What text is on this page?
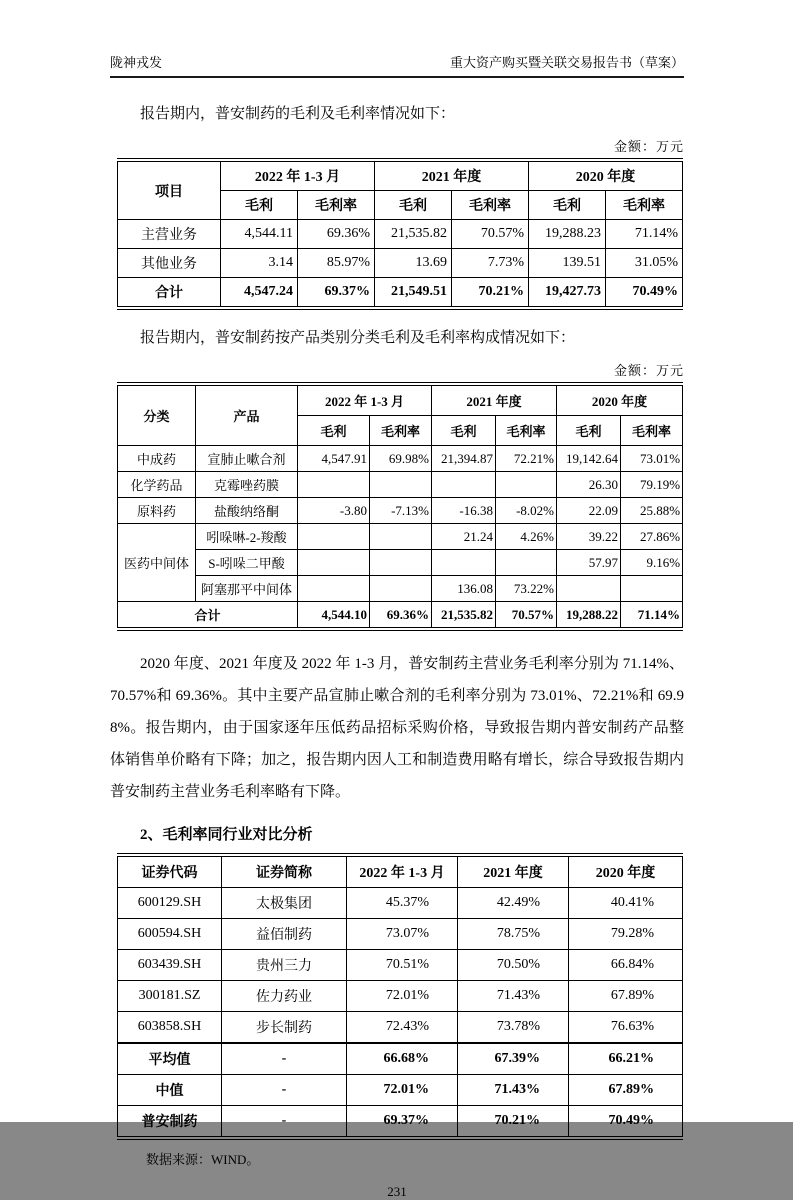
陇神戎发	重大资产购买暨关联交易报告书（草案）

报告期内，普安制药的毛利及毛利率情况如下：

金额：万元
项目	2022 年 1-3 月		2021 年度		2020 年度	
	毛利	毛利率	毛利	毛利率	毛利	毛利率
主营业务	4,544.11	69.36%	21,535.82	70.57%	19,288.23	71.14%
其他业务	3.14	85.97%	13.69	7.73%	139.51	31.05%
合计	4,547.24	69.37%	21,549.51	70.21%	19,427.73	70.49%

报告期内，普安制药按产品类别分类毛利及毛利率构成情况如下：

金额：万元
分类	产品	2022 年 1-3 月		2021 年度		2020 年度	
		毛利	毛利率	毛利	毛利率	毛利	毛利率
中成药	宣肺止嗽合剂	4,547.91	69.98%	21,394.87	72.21%	19,142.64	73.01%
化学药品	克霉唑药膜					26.30	79.19%
原料药	盐酸纳络酮	-3.80	-7.13%	-16.38	-8.02%	22.09	25.88%
医药中间体	吲哚啉-2-羧酸			21.24	4.26%	39.22	27.86%
	S-吲哚二甲酸					57.97	9.16%
	阿塞那平中间体			136.08	73.22%		
合计		4,544.10	69.36%	21,535.82	70.57%	19,288.22	71.14%

2020 年度、2021 年度及 2022 年 1-3 月，普安制药主营业务毛利率分别为 71.14%、70.57%和 69.36%。其中主要产品宣肺止嗽合剂的毛利率分别为 73.01%、72.21%和 69.98%。报告期内，由于国家逐年压低药品招标采购价格，导致报告期内普安制药产品整体销售单价略有下降；加之，报告期内因人工和制造费用略有增长，综合导致报告期内普安制药主营业务毛利率略有下降。

2、毛利率同行业对比分析
证券代码	证券简称	2022 年 1-3 月	2021 年度	2020 年度
600129.SH	太极集团	45.37%	42.49%	40.41%
600594.SH	益佰制药	73.07%	78.75%	79.28%
603439.SH	贵州三力	70.51%	70.50%	66.84%
300181.SZ	佐力药业	72.01%	71.43%	67.89%
603858.SH	步长制药	72.43%	73.78%	76.63%
平均值	-	66.68%	67.39%	66.21%
中值	-	72.01%	71.43%	67.89%
普安制药	-	69.37%	70.21%	70.49%
数据来源：WIND。
231
